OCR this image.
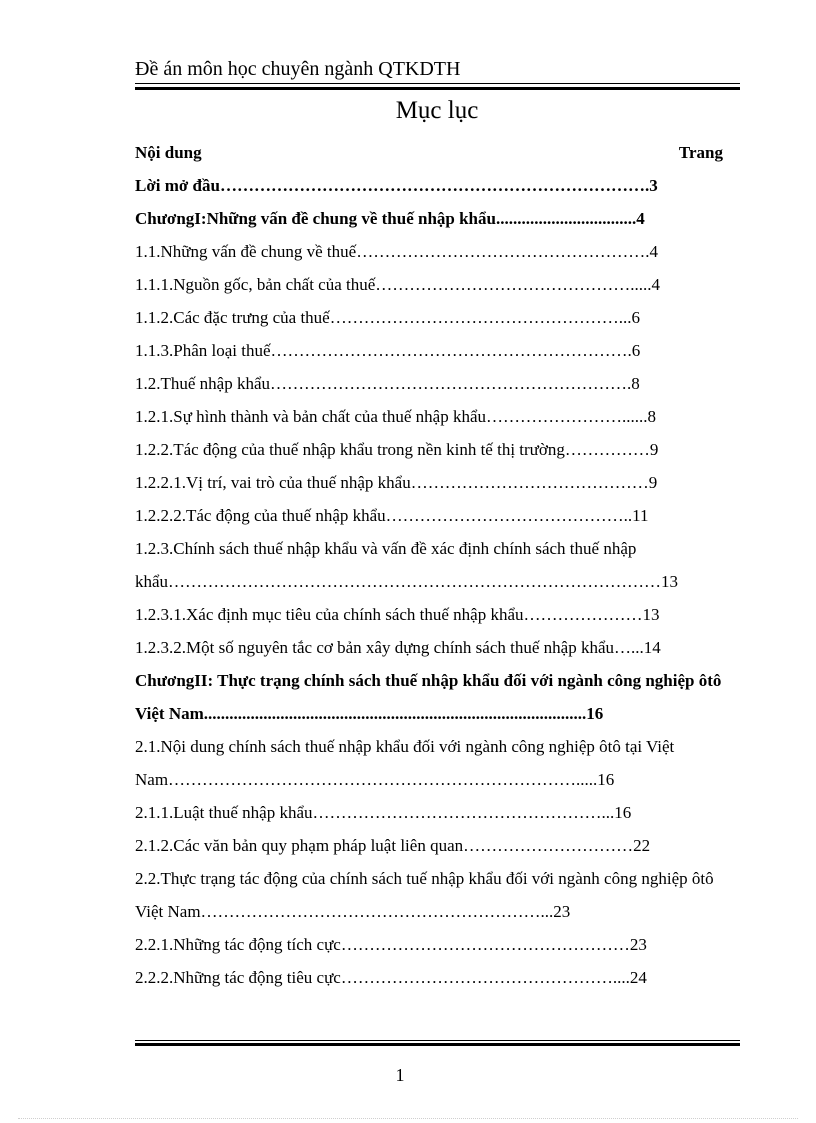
Đề án môn học chuyên ngành QTKDTH
Mục lục
Nội dung	Trang
Lời mở đầu………………………………………………………………….3
ChươngI:Những vấn đề chung về thuế nhập khẩu.................................4
1.1.Những vấn đề chung về thuế…………………………………………….4
1.1.1.Nguồn gốc, bản chất của thuế……………………………………….....4
1.1.2.Các đặc trưng của thuế……………………………………………...6
1.1.3.Phân loại thuế……………………………………………………….6
1.2.Thuế nhập khẩu……………………………………………………….8
1.2.1.Sự hình thành và bản chất của thuế nhập khẩu……………………......8
1.2.2.Tác động của thuế nhập khẩu trong nền kinh tế thị trường……………9
1.2.2.1.Vị trí, vai trò của thuế nhập khẩu……………………………………9
1.2.2.2.Tác động của thuế nhập khẩu……………………………………..11
1.2.3.Chính sách thuế nhập khẩu và vấn đề xác định chính sách thuế nhập khẩu……………………………………………………………………………13
1.2.3.1.Xác định mục tiêu của chính sách thuế nhập khẩu…………………13
1.2.3.2.Một số nguyên tắc cơ bản xây dựng chính sách thuế nhập khẩu…...14
ChươngII: Thực trạng chính sách thuế nhập khẩu đối với ngành công nghiệp ôtô Việt Nam..........................................................................................16
2.1.Nội dung chính sách thuế nhập khẩu đối với ngành công nghiệp ôtô tại Việt Nam……………………………………………………………….....16
2.1.1.Luật thuế nhập khẩu……………………………………………...16
2.1.2.Các văn bản quy phạm pháp luật liên quan…………………………22
2.2.Thực trạng tác động của chính sách tuế nhập khẩu đối với ngành công nghiệp ôtô Việt Nam……………………………………………………...23
2.2.1.Những tác động tích cực……………………………………………23
2.2.2.Những tác động tiêu cực…………………………………………....24
1
